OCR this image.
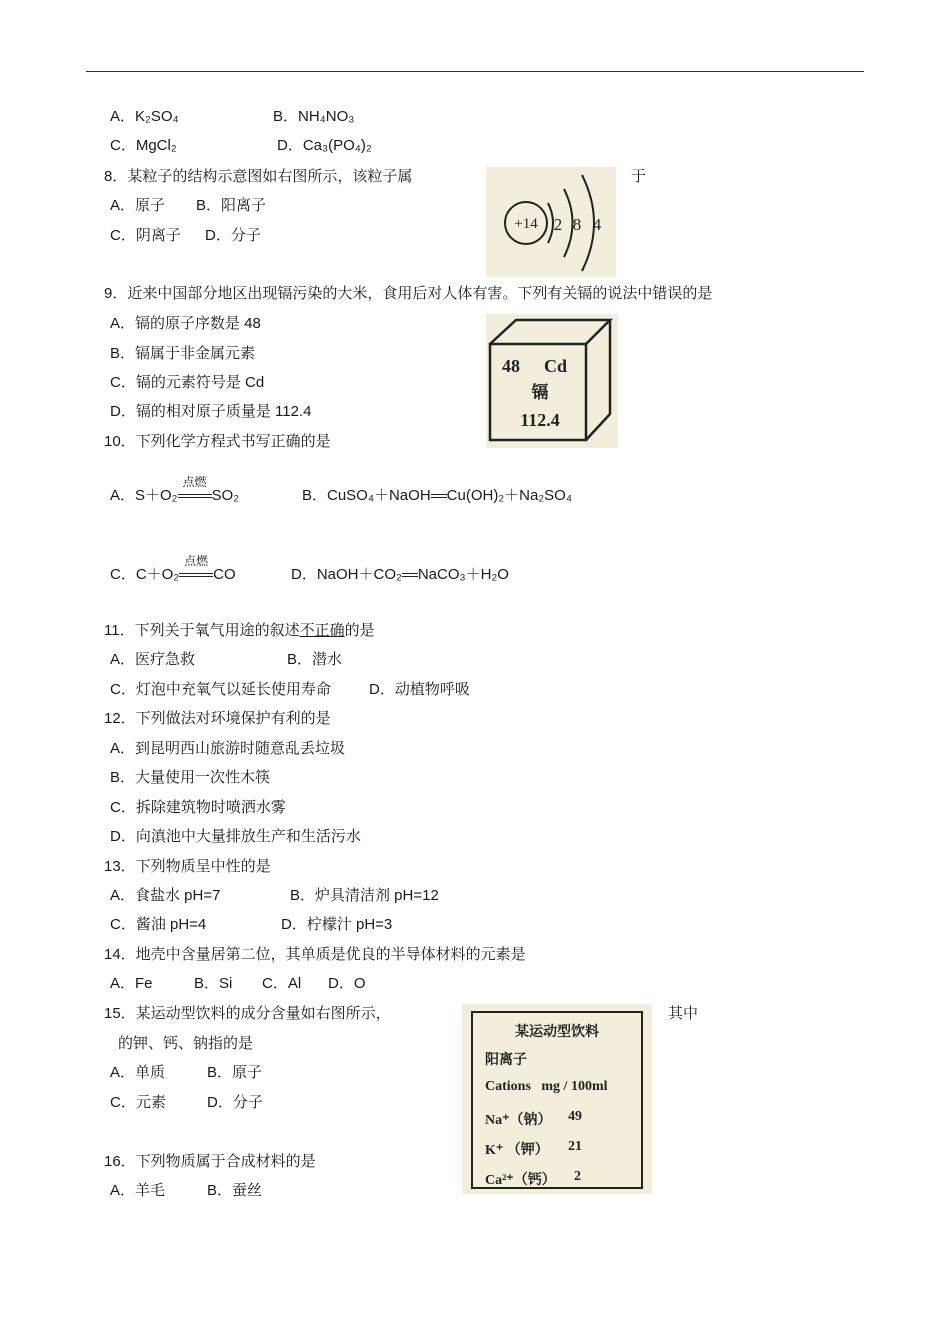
A．K₂SO₄	B．NH₄NO₃
C．MgCl₂	D．Ca₃(PO₄)₂
8．某粒子的结构示意图如右图所示，该粒子属	于
A．原子 B．阳离子
C．阴离子 D．分子
+14 2 8 4
9．近来中国部分地区出现镉污染的大米，食用后对人体有害。下列有关镉的说法中错误的是
A．镉的原子序数是 48
B．镉属于非金属元素
C．镉的元素符号是 Cd
D．镉的相对原子质量是 112.4
48 Cd
镉
112.4
10．下列化学方程式书写正确的是
A．S＋O₂
点燃
SO₂	B．CuSO₄＋NaOH Cu(OH)₂＋Na₂SO₄
C．C＋O₂
点燃
CO	D．NaOH＋CO₂ NaCO₃＋H₂O
11．下列关于氧气用途的叙述不正确的是
A．医疗急救	B．潜水
C．灯泡中充氧气以延长使用寿命	D．动植物呼吸
12．下列做法对环境保护有利的是
A．到昆明西山旅游时随意乱丢垃圾
B．大量使用一次性木筷
C．拆除建筑物时喷洒水雾
D．向滇池中大量排放生产和生活污水
13．下列物质呈中性的是
A．食盐水 pH=7	B．炉具清洁剂 pH=12
C．酱油 pH=4	D．柠檬汁 pH=3
14．地壳中含量居第二位，其单质是优良的半导体材料的元素是
A．Fe	B．Si C．Al D．O
15．某运动型饮料的成分含量如右图所示，	其中
的钾、钙、钠指的是
A．单质	B．原子
C．元素	D．分子
某运动型饮料
阳离子
Cations   mg / 100ml
Na⁺（钠） 49
K⁺ （钾） 21
Ca²⁺（钙） 2
16．下列物质属于合成材料的是
A．羊毛	B．蚕丝
